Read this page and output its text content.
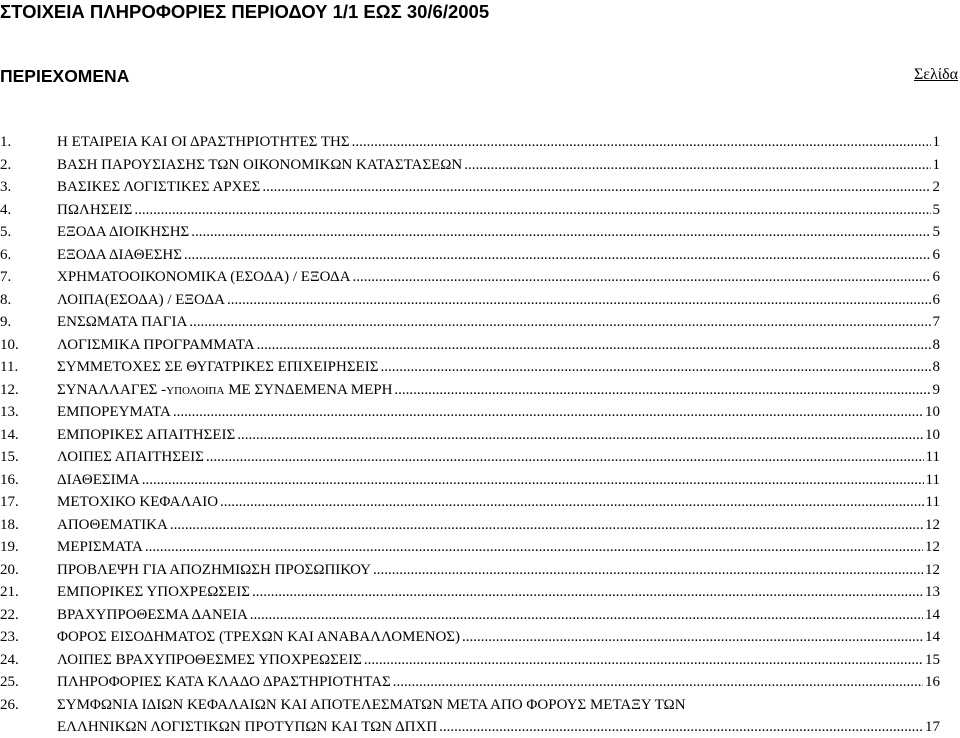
ΣΤΟΙΧΕΙΑ ΠΛΗΡΟΦΟΡΙΕΣ ΠΕΡΙΟΔΟΥ 1/1 ΕΩΣ 30/6/2005
ΠΕΡΙΕΧΟΜΕΝΑ	Σελίδα
1.	Η ΕΤΑΙΡΕΙΑ ΚΑΙ ΟΙ ΔΡΑΣΤΗΡΙΟΤΗΤΕΣ ΤΗΣ .....	1
2.	ΒΑΣΗ ΠΑΡΟΥΣΙΑΣΗΣ ΤΩΝ ΟΙΚΟΝΟΜΙΚΩΝ ΚΑΤΑΣΤΑΣΕΩΝ .....	1
3.	ΒΑΣΙΚΕΣ ΛΟΓΙΣΤΙΚΕΣ ΑΡΧΕΣ .....	2
4.	ΠΩΛΗΣΕΙΣ .....	5
5.	ΕΞΟΔΑ ΔΙΟΙΚΗΣΗΣ .....	5
6.	ΕΞΟΔΑ ΔΙΑΘΕΣΗΣ .....	6
7.	ΧΡΗΜΑΤΟΟΙΚΟΝΟΜΙΚΑ (ΕΣΟΔΑ) / ΕΞΟΔΑ .....	6
8.	ΛΟΙΠΑ(ΕΣΟΔΑ) / ΕΞΟΔΑ .....	6
9.	ΕΝΣΩΜΑΤΑ ΠΑΓΙΑ .....	7
10.	ΛΟΓΙΣΜΙΚΑ ΠΡΟΓΡΑΜΜΑΤΑ .....	8
11.	ΣΥΜΜΕΤΟΧΕΣ ΣΕ ΘΥΓΑΤΡΙΚΕΣ ΕΠΙΧΕΙΡΗΣΕΙΣ .....	8
12.	ΣΥΝΑΛΛΑΓΕΣ -ΥΠΟΛΟΙΠΑ ΜΕ ΣΥΝΔΕΜΕΝΑ ΜΕΡΗ .....	9
13.	ΕΜΠΟΡΕΥΜΑΤΑ .....	10
14.	ΕΜΠΟΡΙΚΕΣ ΑΠΑΙΤΗΣΕΙΣ .....	10
15.	ΛΟΙΠΕΣ ΑΠΑΙΤΗΣΕΙΣ .....	11
16.	ΔΙΑΘΕΣΙΜΑ .....	11
17.	ΜΕΤΟΧΙΚΟ ΚΕΦΑΛΑΙΟ .....	11
18.	ΑΠΟΘΕΜΑΤΙΚΑ .....	12
19.	ΜΕΡΙΣΜΑΤΑ .....	12
20.	ΠΡΟΒΛΕΨΗ ΓΙΑ ΑΠΟΖΗΜΙΩΣΗ ΠΡΟΣΩΠΙΚΟΥ .....	12
21.	ΕΜΠΟΡΙΚΕΣ ΥΠΟΧΡΕΩΣΕΙΣ .....	13
22.	ΒΡΑΧΥΠΡΟΘΕΣΜΑ ΔΑΝΕΙΑ .....	14
23.	ΦΟΡΟΣ ΕΙΣΟΔΗΜΑΤΟΣ (ΤΡΕΧΩΝ ΚΑΙ ΑΝΑΒΑΛΛΟΜΕΝΟΣ) .....	14
24.	ΛΟΙΠΕΣ ΒΡΑΧΥΠΡΟΘΕΣΜΕΣ ΥΠΟΧΡΕΩΣΕΙΣ .....	15
25.	ΠΛΗΡΟΦΟΡΙΕΣ ΚΑΤΑ ΚΛΑΔΟ ΔΡΑΣΤΗΡΙΟΤΗΤΑΣ .....	16
26.	ΣΥΜΦΩΝΙΑ ΙΔΙΩΝ ΚΕΦΑΛΑΙΩΝ ΚΑΙ ΑΠΟΤΕΛΕΣΜΑΤΩΝ ΜΕΤΑ ΑΠΟ ΦΟΡΟΥΣ ΜΕΤΑΞΥ ΤΩΝ
ΕΛΛΗΝΙΚΩΝ ΛΟΓΙΣΤΙΚΩΝ ΠΡΟΤΥΠΩΝ ΚΑΙ ΤΩΝ ΔΠΧΠ .....	17
